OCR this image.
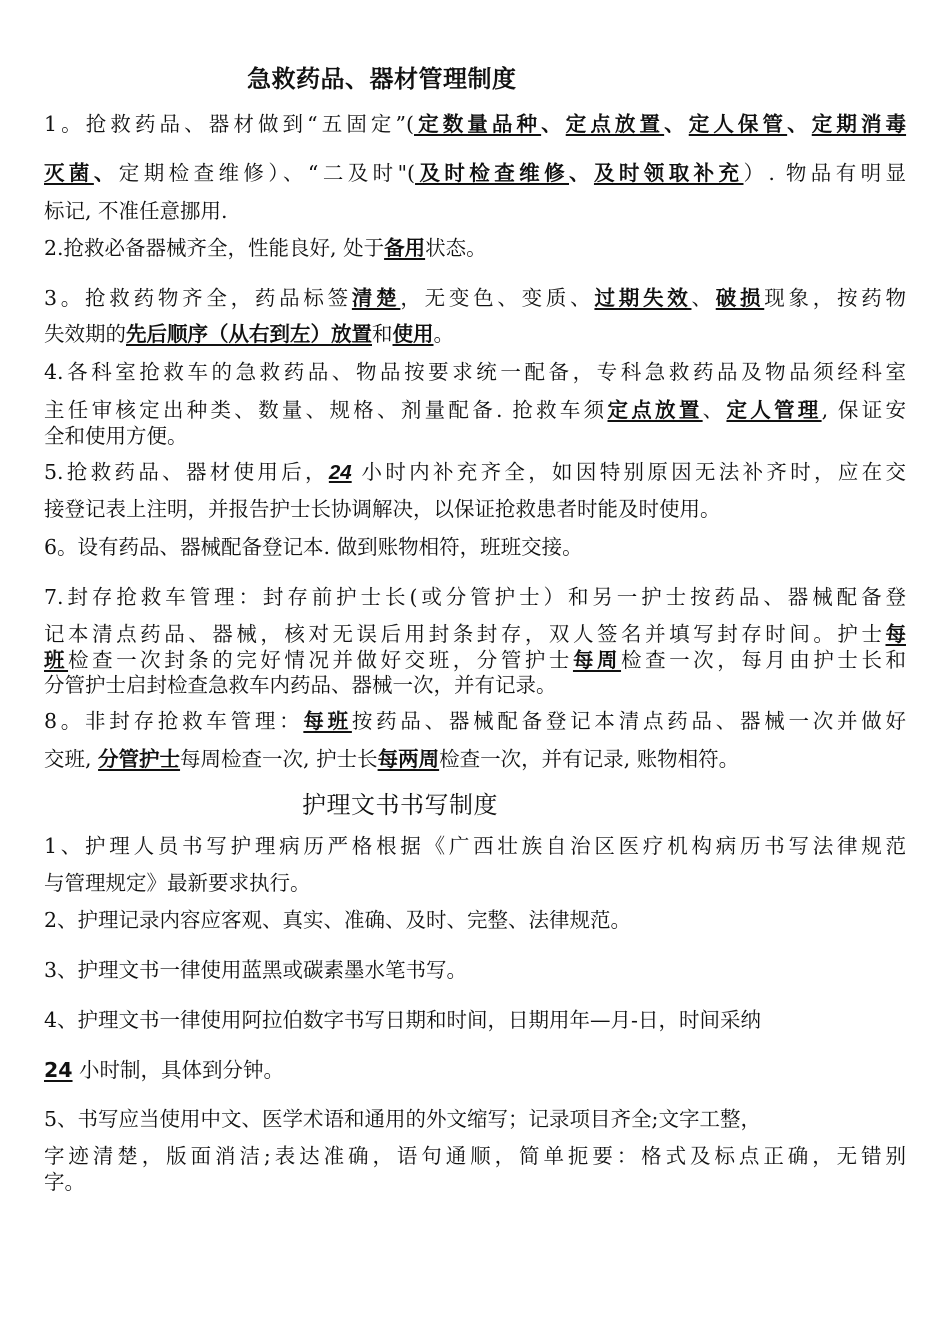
急救药品、器材管理制度
1。抢救药品、器材做到“五固定”(定数量品种、定点放置、定人保管、定期消毒
灭菌、定期检查维修）、“二及时"(及时检查维修、及时领取补充）. 物品有明显
标记, 不准任意挪用.
2.抢救必备器械齐全，性能良好, 处于备用状态。
3。抢救药物齐全，药品标签清楚，无变色、变质、过期失效、破损现象，按药物
失效期的先后顺序（从右到左）放置和使用。
4.各科室抢救车的急救药品、物品按要求统一配备，专科急救药品及物品须经科室
主任审核定出种类、数量、规格、剂量配备. 抢救车须定点放置、定人管理, 保证安
全和使用方便。
5.抢救药品、器材使用后，24 小时内补充齐全，如因特别原因无法补齐时，应在交
接登记表上注明，并报告护士长协调解决，以保证抢救患者时能及时使用。
6。设有药品、器械配备登记本. 做到账物相符，班班交接。
7.封存抢救车管理：封存前护士长(或分管护士）和另一护士按药品、器械配备登
记本清点药品、器械，核对无误后用封条封存，双人签名并填写封存时间。护士每
班检查一次封条的完好情况并做好交班，分管护士每周检查一次，每月由护士长和
分管护士启封检查急救车内药品、器械一次，并有记录。
8。非封存抢救车管理：每班按药品、器械配备登记本清点药品、器械一次并做好
交班, 分管护士每周检查一次, 护士长每两周检查一次，并有记录, 账物相符。
护理文书书写制度
1、护理人员书写护理病历严格根据《广西壮族自治区医疗机构病历书写法律规范
与管理规定》最新要求执行。
2、护理记录内容应客观、真实、准确、及时、完整、法律规范。
3、护理文书一律使用蓝黑或碳素墨水笔书写。
4、护理文书一律使用阿拉伯数字书写日期和时间，日期用年—月-日，时间采纳
24 小时制，具体到分钟。
5、书写应当使用中文、医学术语和通用的外文缩写；记录项目齐全;文字工整，
字迹清楚，版面消洁;表达准确，语句通顺，简单扼要：格式及标点正确，无错别
字。
